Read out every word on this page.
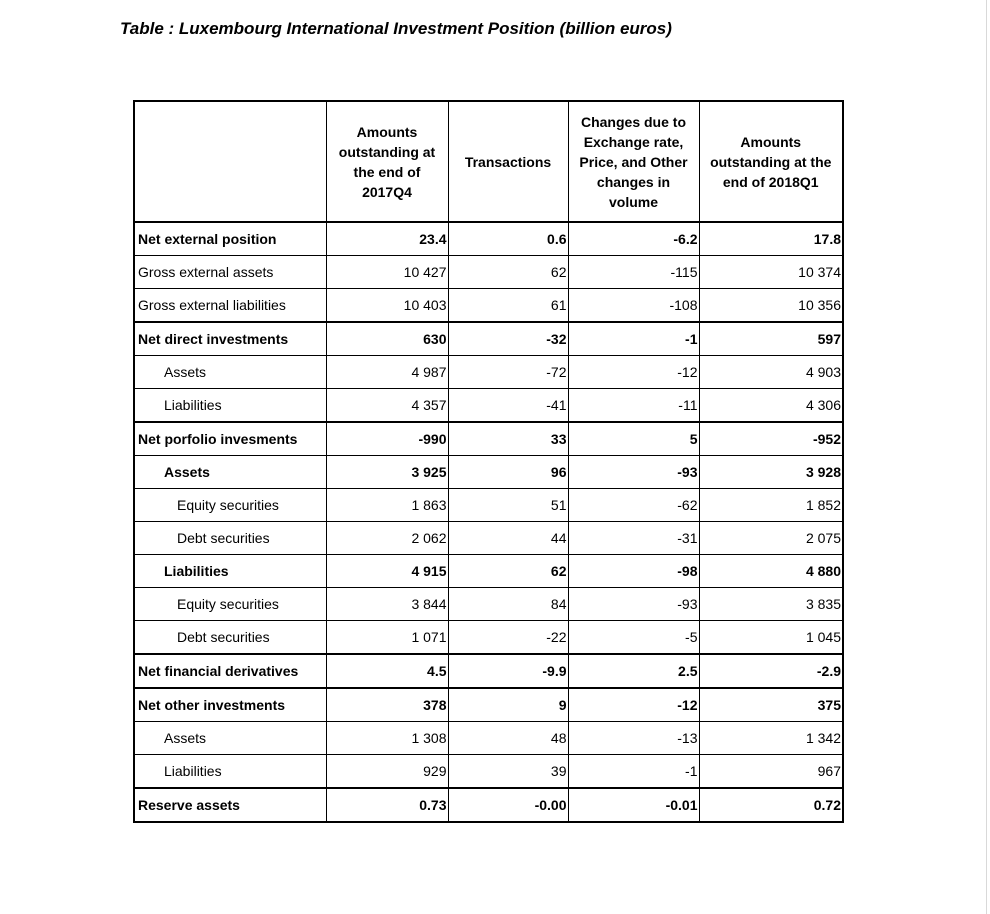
Table : Luxembourg International Investment Position (billion euros)
	Amounts outstanding at the end of 2017Q4	Transactions	Changes due to Exchange rate, Price, and Other changes in volume	Amounts outstanding at the end of 2018Q1
Net external position	23.4	0.6	-6.2	17.8
Gross external assets	10 427	62	-115	10 374
Gross external liabilities	10 403	61	-108	10 356
Net direct investments	630	-32	-1	597
Assets	4 987	-72	-12	4 903
Liabilities	4 357	-41	-11	4 306
Net porfolio invesments	-990	33	5	-952
Assets	3 925	96	-93	3 928
Equity securities	1 863	51	-62	1 852
Debt securities	2 062	44	-31	2 075
Liabilities	4 915	62	-98	4 880
Equity securities	3 844	84	-93	3 835
Debt securities	1 071	-22	-5	1 045
Net financial derivatives	4.5	-9.9	2.5	-2.9
Net other investments	378	9	-12	375
Assets	1 308	48	-13	1 342
Liabilities	929	39	-1	967
Reserve assets	0.73	-0.00	-0.01	0.72
